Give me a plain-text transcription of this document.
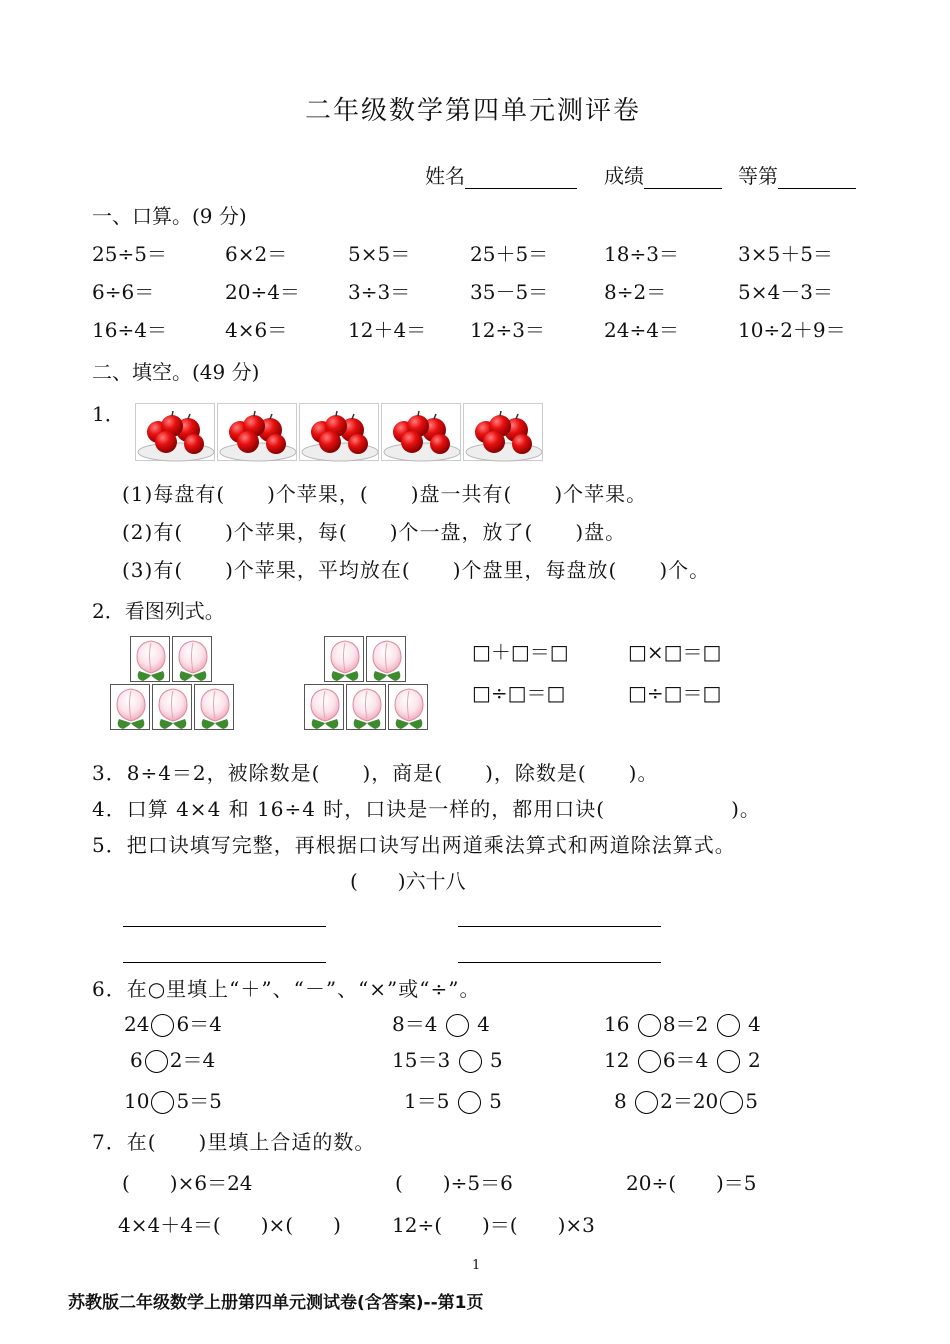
二年级数学第四单元测评卷
姓名	成绩	等第
一、口算。(9 分)
25÷5＝	6×2＝	5×5＝	25＋5＝	18÷3＝	3×5＋5＝
6÷6＝	20÷4＝ 3÷3＝	35－5＝	8÷2＝	5×4－3＝
16÷4＝	4×6＝	12＋4＝ 12÷3＝	24÷4＝	10÷2＋9＝
二、填空。(49 分)
1．
(1)每盘有(　　)个苹果，(　　)盘一共有(　　)个苹果。
(2)有(　　)个苹果，每(　　)个一盘，放了(　　)盘。
(3)有(　　)个苹果，平均放在(　　)个盘里，每盘放(　　)个。
2．看图列式。
□＋□＝□	□×□＝□
□÷□＝□	□÷□＝□
3．8÷4＝2，被除数是(　　)，商是(　　)，除数是(　　)。
4．口算 4×4 和 16÷4 时，口诀是一样的，都用口诀(　　　　　　)。
5．把口诀填写完整，再根据口诀写出两道乘法算式和两道除法算式。
(　　)六十八
6．在○里填上“＋”、“－”、“×”或“÷”。
24 6＝4	8＝4 4	16 8＝2 4
6 2＝4	15＝3 5	12 6＝4 2
10 5＝5	1＝5 5	8 2＝20 5
7．在(　　)里填上合适的数。
(　　)×6＝24	(　　)÷5＝6	20÷(　　)＝5
4×4＋4＝(　　)×(　　)	12÷(　　)＝(　　)×3
1
苏教版二年级数学上册第四单元测试卷(含答案)--第1页
